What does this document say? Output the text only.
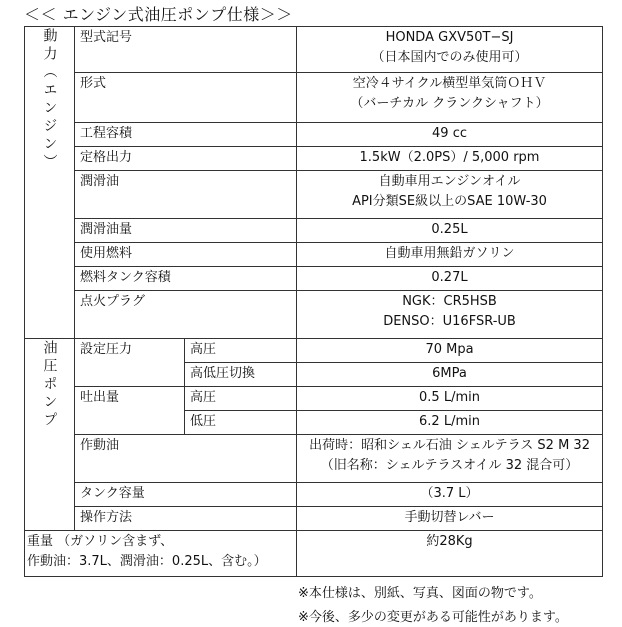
＜＜ エンジン式油圧ポンプ仕様＞＞
動力（エンジン）	型式記号		HONDA GXV50T−SJ
（日本国内でのみ使用可）

	形式		空冷４サイクル横型単気筒ＯＨＶ
（バーチカル クランクシャフト）

	工程容積		49 cc
	定格出力		1.5kW（2.0PS）/ 5,000 rpm
	潤滑油		自動車用エンジンオイル
API分類SE級以上のSAE 10W-30

	潤滑油量		0.25L
	使用燃料		自動車用無鉛ガソリン
	燃料タンク容積		0.27L
	点火プラグ		NGK：CR5HSB
DENSO：U16FSR-UB

油圧ポンプ	設定圧力	高圧	70 Mpa
		高低圧切換	6MPa
	吐出量	高圧	0.5 L/min
		低圧	6.2 L/min
	作動油		出荷時：昭和シェル石油 シェルテラス S2 M 32
（旧名称：シェルテラスオイル 32 混合可）

	タンク容量		（3.7 L）
	操作方法		手動切替レバー

重量 （ガソリン含まず、
作動油：3.7L、潤滑油：0.25L、含む。）			約28Kg
※本仕様は、別紙、写真、図面の物です。
※今後、多少の変更がある可能性があります。
